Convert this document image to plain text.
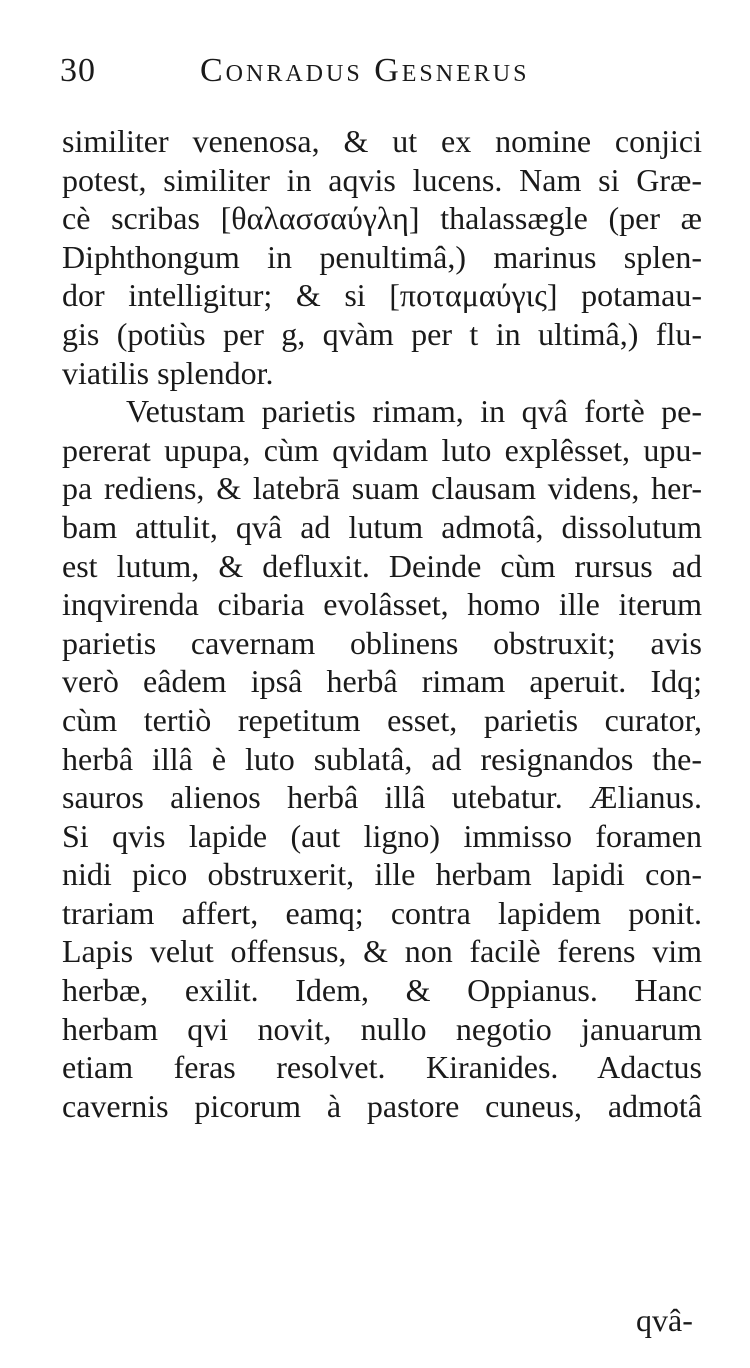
30	Conradus Gesnerus
similiter venenosa, & ut ex nomine conjici
potest, similiter in aqvis lucens. Nam si Græ-
cè scribas [θαλασσαύγλη] thalassægle (per æ
Diphthongum in penultimâ,) marinus splen-
dor intelligitur; & si [ποταμαύγις] potamau-
gis (potiùs per g, qvàm per t in ultimâ,) flu-
viatilis splendor.
Vetustam parietis rimam, in qvâ fortè pe-
pererat upupa, cùm qvidam luto explêsset, upu-
pa rediens, & latebrā suam clausam videns, her-
bam attulit, qvâ ad lutum admotâ, dissolutum
est lutum, & defluxit. Deinde cùm rursus ad
inqvirenda cibaria evolâsset, homo ille iterum
parietis cavernam oblinens obstruxit; avis
verò eâdem ipsâ herbâ rimam aperuit. Idq;
cùm tertiò repetitum esset, parietis curator,
herbâ illâ è luto sublatâ, ad resignandos the-
sauros alienos herbâ illâ utebatur. Ælianus.
Si qvis lapide (aut ligno) immisso foramen
nidi pico obstruxerit, ille herbam lapidi con-
trariam affert, eamq; contra lapidem ponit.
Lapis velut offensus, & non facilè ferens vim
herbæ, exilit. Idem, & Oppianus. Hanc
herbam qvi novit, nullo negotio januarum
etiam feras resolvet. Kiranides. Adactus
cavernis picorum à pastore cuneus, admotâ
qvâ-
